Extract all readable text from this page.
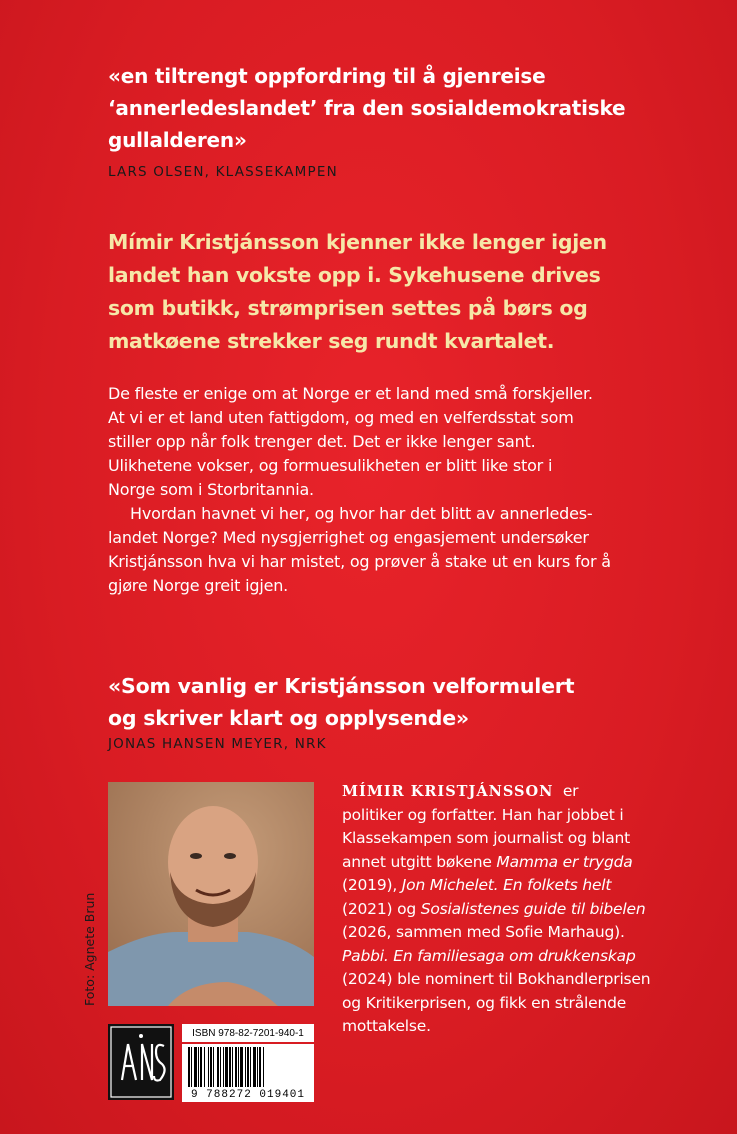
«en tiltrengt oppfordring til å gjenreise
‘annerledeslandet’ fra den sosialdemokratiske
gullalderen»
LARS OLSEN, KLASSEKAMPEN
Mímir Kristjánsson kjenner ikke lenger igjen
landet han vokste opp i. Sykehusene drives
som butikk, strømprisen settes på børs og
matkøene strekker seg rundt kvartalet.

De fleste er enige om at Norge er et land med små forskjeller.
At vi er et land uten fattigdom, og med en velferdsstat som
stiller opp når folk trenger det. Det er ikke lenger sant.
Ulikhetene vokser, og formuesulikheten er blitt like stor i
Norge som i Storbritannia.

Hvordan havnet vi her, og hvor har det blitt av annerledes-
landet Norge? Med nysgjerrighet og engasjement undersøker
Kristjánsson hva vi har mistet, og prøver å stake ut en kurs for å
gjøre Norge greit igjen.

«Som vanlig er Kristjánsson velformulert
og skriver klart og opplysende»
JONAS HANSEN MEYER, NRK
Foto: Agnete Brun
MÍMIR KRISTJÁNSSON er
politiker og forfatter. Han har jobbet i
Klassekampen som journalist og blant
annet utgitt bøkene Mamma er trygda
(2019), Jon Michelet. En folkets helt
(2021) og Sosialistenes guide til bibelen
(2026, sammen med Sofie Marhaug).
Pabbi. En familiesaga om drukkenskap
(2024) ble nominert til Bokhandlerprisen
og Kritikerprisen, og fikk en strålende
mottakelse.
ISBN 978-82-7201-940-1
9 788272 019401
